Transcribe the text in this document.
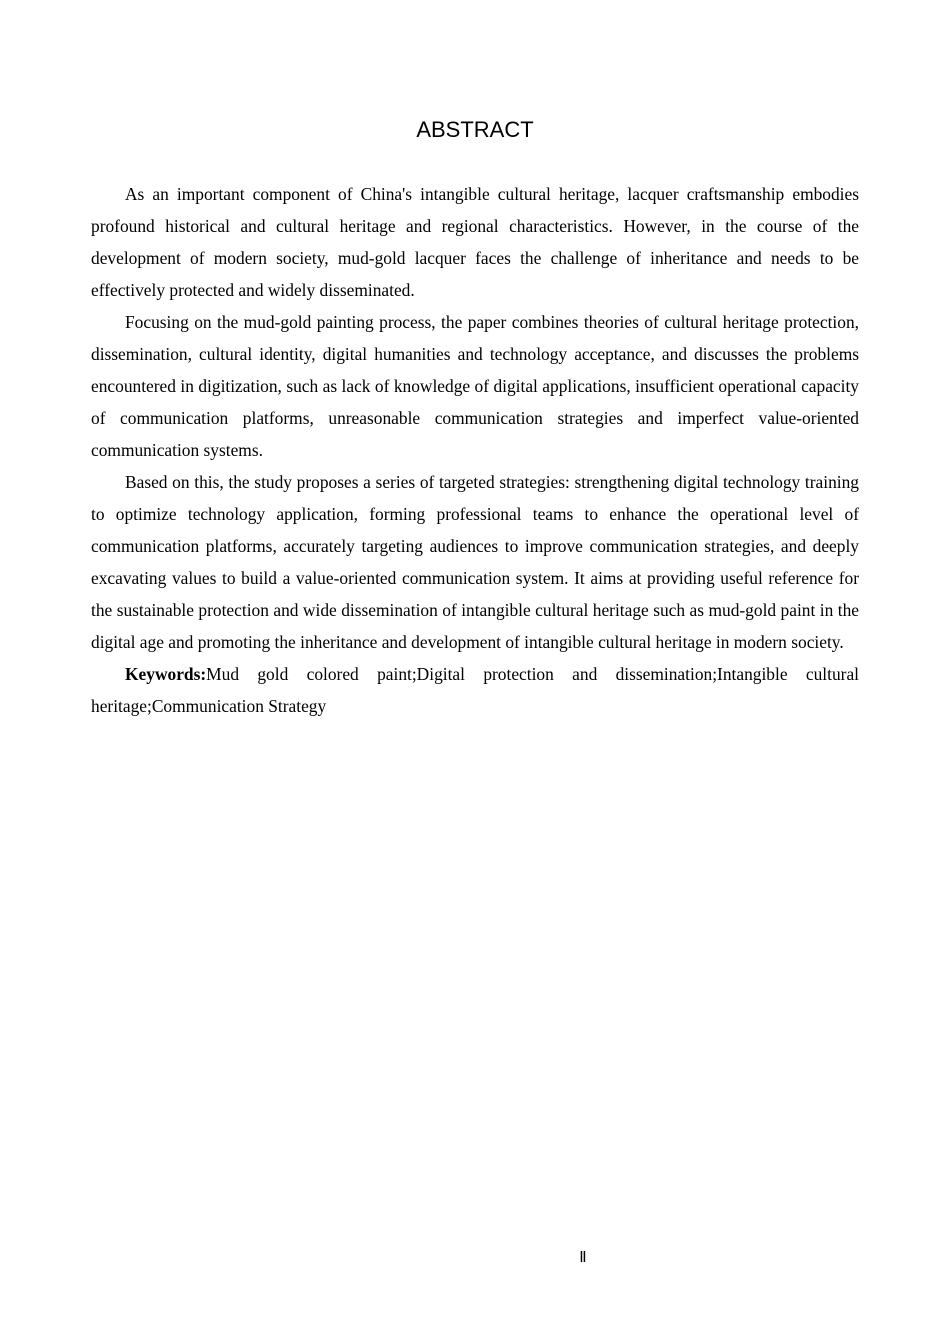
ABSTRACT

As an important component of China's intangible cultural heritage, lacquer craftsmanship embodies profound historical and cultural heritage and regional characteristics. However, in the course of the development of modern society, mud-gold lacquer faces the challenge of inheritance and needs to be effectively protected and widely disseminated.

Focusing on the mud-gold painting process, the paper combines theories of cultural heritage protection, dissemination, cultural identity, digital humanities and technology acceptance, and discusses the problems encountered in digitization, such as lack of knowledge of digital applications, insufficient operational capacity of communication platforms, unreasonable communication strategies and imperfect value-oriented communication systems.

Based on this, the study proposes a series of targeted strategies: strengthening digital technology training to optimize technology application, forming professional teams to enhance the operational level of communication platforms, accurately targeting audiences to improve communication strategies, and deeply excavating values to build a value-oriented communication system. It aims at providing useful reference for the sustainable protection and wide dissemination of intangible cultural heritage such as mud-gold paint in the digital age and promoting the inheritance and development of intangible cultural heritage in modern society.

Keywords:Mud gold colored paint;Digital protection and dissemination;Intangible cultural heritage;Communication Strategy

Ⅱ
